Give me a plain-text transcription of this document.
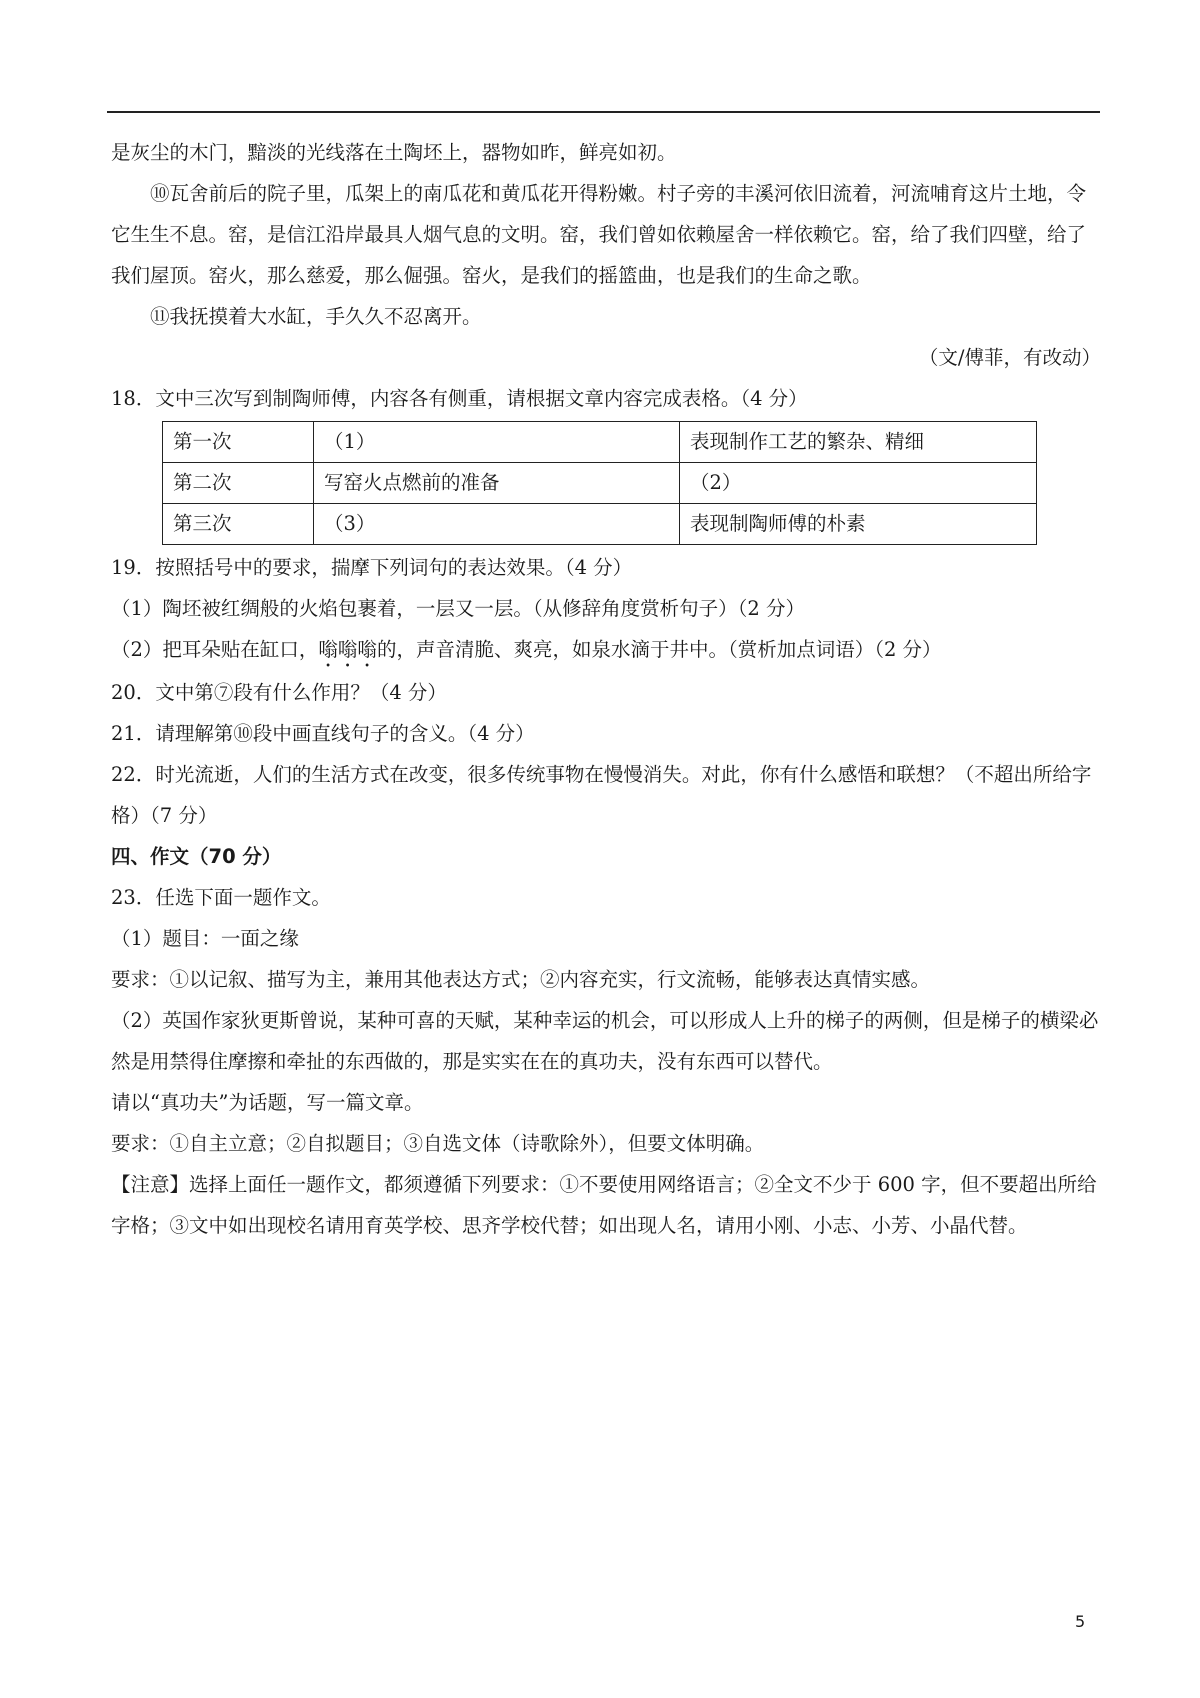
是灰尘的木门，黯淡的光线落在土陶坯上，器物如昨，鲜亮如初。

⑩瓦舍前后的院子里，瓜架上的南瓜花和黄瓜花开得粉嫩。村子旁的丰溪河依旧流着，河流哺育这片土地，令它生生不息。窑，是信江沿岸最具人烟气息的文明。窑，我们曾如依赖屋舍一样依赖它。窑，给了我们四壁，给了我们屋顶。窑火，那么慈爱，那么倔强。窑火，是我们的摇篮曲，也是我们的生命之歌。

⑪我抚摸着大水缸，手久久不忍离开。

（文/傅菲，有改动）

18．文中三次写到制陶师傅，内容各有侧重，请根据文章内容完成表格。（4 分）

第一次	（1）	表现制作工艺的繁杂、精细
第二次	写窑火点燃前的准备	（2）
第三次	（3）	表现制陶师傅的朴素

19．按照括号中的要求，揣摩下列词句的表达效果。（4 分）

（1）陶坯被红绸般的火焰包裹着，一层又一层。（从修辞角度赏析句子）（2 分）

（2）把耳朵贴在缸口，嗡嗡嗡的，声音清脆、爽亮，如泉水滴于井中。（赏析加点词语）（2 分）

20．文中第⑦段有什么作用？（4 分）

21．请理解第⑩段中画直线句子的含义。（4 分）

22．时光流逝，人们的生活方式在改变，很多传统事物在慢慢消失。对此，你有什么感悟和联想？（不超出所给字格）（7 分）

四、作文（70 分）

23．任选下面一题作文。

（1）题目：一面之缘

要求：①以记叙、描写为主，兼用其他表达方式；②内容充实，行文流畅，能够表达真情实感。

（2）英国作家狄更斯曾说，某种可喜的天赋，某种幸运的机会，可以形成人上升的梯子的两侧，但是梯子的横梁必然是用禁得住摩擦和牵扯的东西做的，那是实实在在的真功夫，没有东西可以替代。

请以“真功夫”为话题，写一篇文章。

要求：①自主立意；②自拟题目；③自选文体（诗歌除外），但要文体明确。

【注意】选择上面任一题作文，都须遵循下列要求：①不要使用网络语言；②全文不少于 600 字，但不要超出所给字格；③文中如出现校名请用育英学校、思齐学校代替；如出现人名，请用小刚、小志、小芳、小晶代替。

5
